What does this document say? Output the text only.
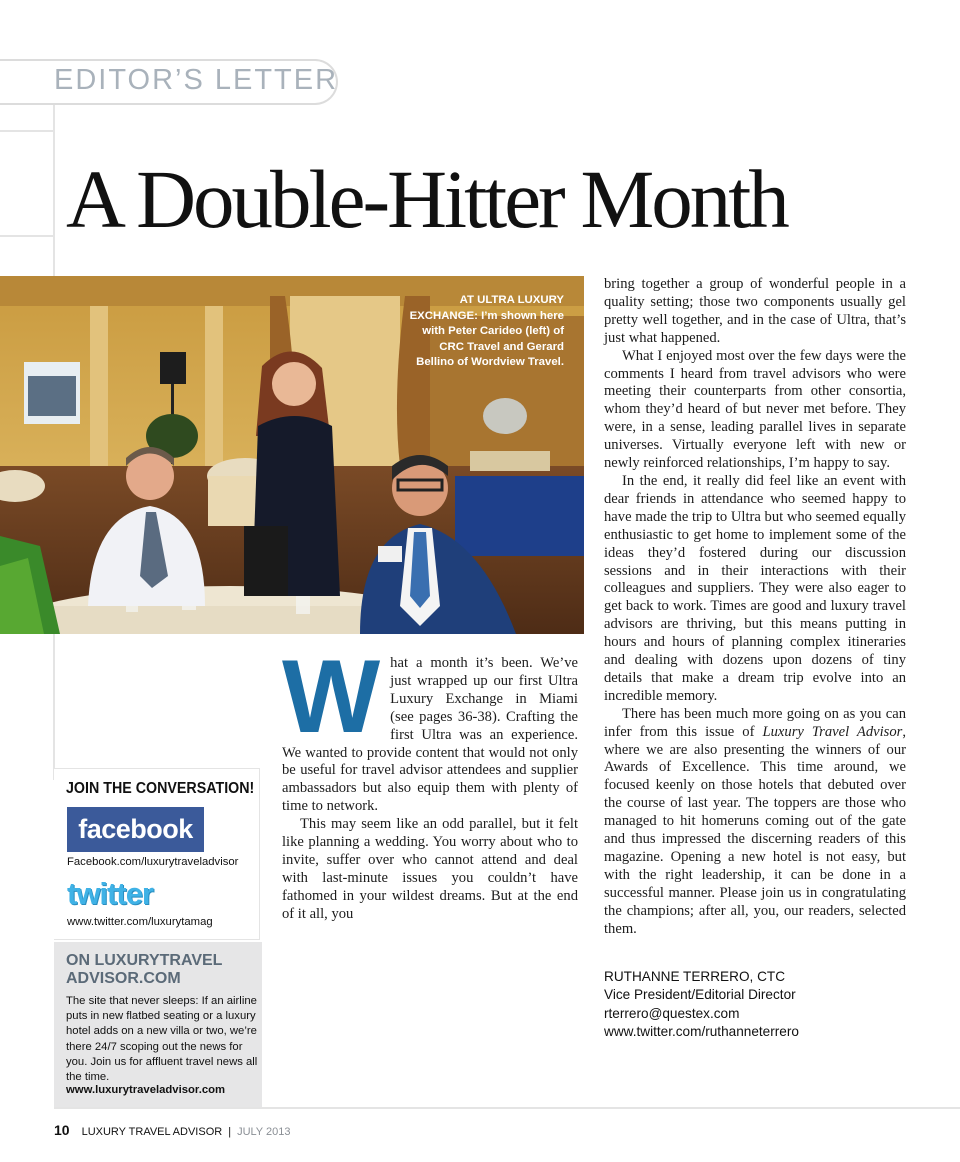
EDITOR’S LETTER
A Double-Hitter Month
AT ULTRA LUXURY EXCHANGE: I’m shown here with Peter Carideo (left) of CRC Travel and Gerard Bellino of Wordview Travel.
W hat a month it’s been. We’ve just wrapped up our first Ultra Luxury Exchange in Miami (see pages 36-38). Crafting the first Ultra was an experience. We wanted to provide content that would not only be useful for travel advisor attendees and supplier ambassadors but also equip them with plenty of time to network.

This may seem like an odd parallel, but it felt like planning a wedding. You worry about who to invite, suffer over who cannot attend and deal with last-minute issues you couldn’t have fathomed in your wildest dreams. But at the end of it all, you

bring together a group of wonderful people in a quality setting; those two components usually gel pretty well together, and in the case of Ultra, that’s just what happened.

What I enjoyed most over the few days were the comments I heard from travel advisors who were meeting their counterparts from other consortia, whom they’d heard of but never met before. They were, in a sense, leading parallel lives in separate universes. Virtually everyone left with new or newly reinforced relationships, I’m happy to say.

In the end, it really did feel like an event with dear friends in attendance who seemed happy to have made the trip to Ultra but who seemed equally enthusiastic to get home to implement some of the ideas they’d fostered during our discussion sessions and in their interactions with their colleagues and suppliers. They were also eager to get back to work. Times are good and luxury travel advisors are thriving, but this means putting in hours and hours of planning complex itineraries and dealing with dozens upon dozens of tiny details that make a dream trip evolve into an incredible memory.

There has been much more going on as you can infer from this issue of Luxury Travel Advisor, where we are also presenting the winners of our Awards of Excellence. This time around, we focused keenly on those hotels that debuted over the course of last year. The toppers are those who managed to hit homeruns coming out of the gate and thus impressed the discerning readers of this magazine. Opening a new hotel is not easy, but with the right leadership, it can be done in a successful manner. Please join us in congratulating the champions; after all, you, our readers, selected them.

JOIN THE CONVERSATION!
facebook
Facebook.com/luxurytraveladvisor
twitter
www.twitter.com/luxurytamag
ON LUXURYTRAVEL ADVISOR.COM
The site that never sleeps: If an airline puts in new flatbed seating or a luxury hotel adds on a new villa or two, we’re there 24/7 scoping out the news for you. Join us for affluent travel news all the time.
www.luxurytraveladvisor.com
RUTHANNE TERRERO, CTC
Vice President/Editorial Director
rterrero@questex.com
www.twitter.com/ruthanneterrero
10 LUXURY TRAVEL ADVISOR | JULY 2013
